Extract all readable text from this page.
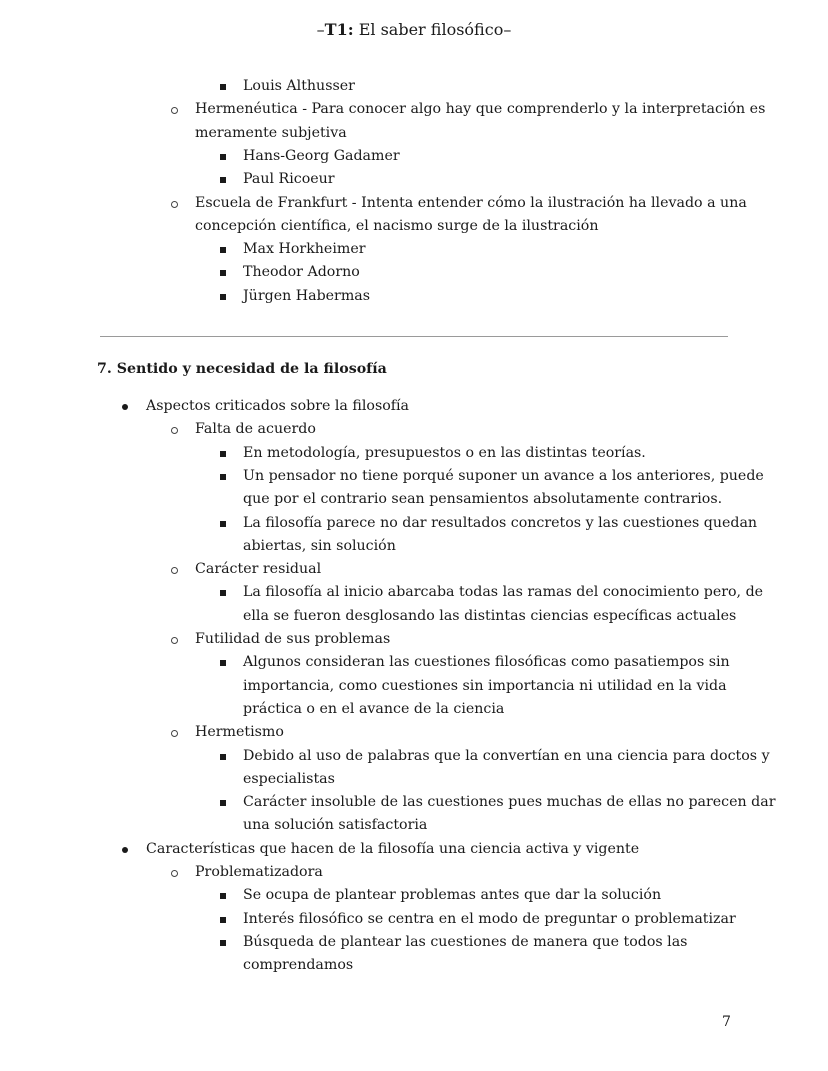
–T1: El saber filosófico–
Louis Althusser
Hermenéutica - Para conocer algo hay que comprenderlo y la interpretación es
meramente subjetiva
Hans-Georg Gadamer
Paul Ricoeur
Escuela de Frankfurt - Intenta entender cómo la ilustración ha llevado a una
concepción científica, el nacismo surge de la ilustración
Max Horkheimer
Theodor Adorno
Jürgen Habermas
7. Sentido y necesidad de la filosofía
Aspectos criticados sobre la filosofía
Falta de acuerdo
En metodología, presupuestos o en las distintas teorías.
Un pensador no tiene porqué suponer un avance a los anteriores, puede
que por el contrario sean pensamientos absolutamente contrarios.
La filosofía parece no dar resultados concretos y las cuestiones quedan
abiertas, sin solución
Carácter residual
La filosofía al inicio abarcaba todas las ramas del conocimiento pero, de
ella se fueron desglosando las distintas ciencias específicas actuales
Futilidad de sus problemas
Algunos consideran las cuestiones filosóficas como pasatiempos sin
importancia, como cuestiones sin importancia ni utilidad en la vida
práctica o en el avance de la ciencia
Hermetismo
Debido al uso de palabras que la convertían en una ciencia para doctos y
especialistas
Carácter insoluble de las cuestiones pues muchas de ellas no parecen dar
una solución satisfactoria
Características que hacen de la filosofía una ciencia activa y vigente
Problematizadora
Se ocupa de plantear problemas antes que dar la solución
Interés filosófico se centra en el modo de preguntar o problematizar
Búsqueda de plantear las cuestiones de manera que todos las
comprendamos
7
